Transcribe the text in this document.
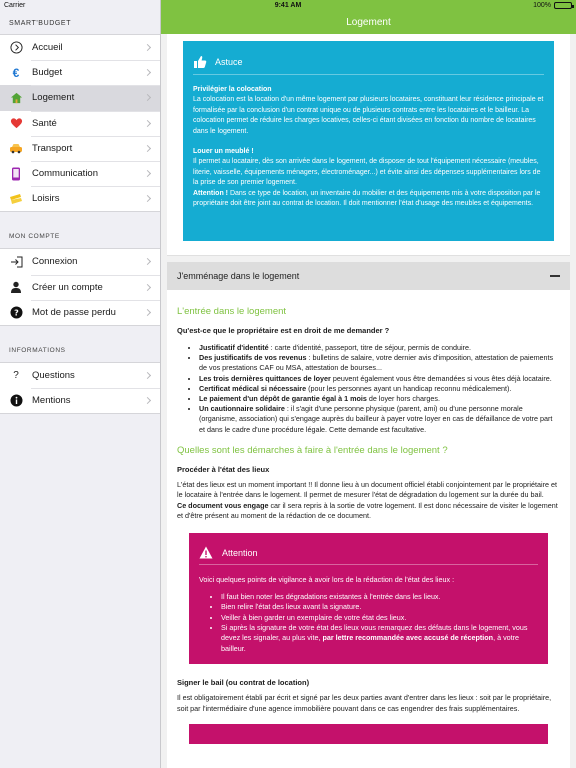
Carrier	9:41 AM	100%
SMART'BUDGET
Accueil
€	Budget
Logement
Santé
Transport
Communication
Loisirs
MON COMPTE
Connexion
Créer un compte
? Mot de passe perdu
INFORMATIONS
?	Questions
Mentions
Logement
Astuce

Privilégier la colocation

La colocation est la location d'un même logement par plusieurs locataires, constituant leur résidence principale et formalisée par la conclusion d'un contrat unique ou de plusieurs contrats entre les locataires et le bailleur. La colocation permet de réduire les charges locatives, celles-ci étant divisées en fonction du nombre de locataires dans le logement.

Louer un meublé !

Il permet au locataire, dès son arrivée dans le logement, de disposer de tout l'équipement nécessaire (meubles, literie, vaisselle, équipements ménagers, électroménager...) et évite ainsi des dépenses supplémentaires lors de la prise de son premier logement.

Attention ! Dans ce type de location, un inventaire du mobilier et des équipements mis à votre disposition par le propriétaire doit être joint au contrat de location. Il doit mentionner l'état d'usage des meubles et équipements.

J'emménage dans le logement
L'entrée dans le logement
Qu'est-ce que le propriétaire est en droit de me demander ?
• Justificatif d'identité : carte d'identité, passeport, titre de séjour, permis de conduire.
• Des justificatifs de vos revenus : bulletins de salaire, votre dernier avis d'imposition, attestation de paiements de vos prestations CAF ou MSA, attestation de bourses...
• Les trois dernières quittances de loyer peuvent également vous être demandées si vous êtes déjà locataire.
• Certificat médical si nécessaire (pour les personnes ayant un handicap reconnu médicalement).
• Le paiement d'un dépôt de garantie égal à 1 mois de loyer hors charges.
• Un cautionnaire solidaire : il s'agit d'une personne physique (parent, ami) ou d'une personne morale (organisme, association) qui s'engage auprès du bailleur à payer votre loyer en cas de défaillance de votre part et dans le cadre d'une procédure légale. Cette demande est facultative.
Quelles sont les démarches à faire à l'entrée dans le logement ?
Procéder à l'état des lieux

L'état des lieux est un moment important !! Il donne lieu à un document officiel établi conjointement par le propriétaire et le locataire à l'entrée dans le logement. Il permet de mesurer l'état de dégradation du logement sur la durée du bail.

Ce document vous engage car il sera repris à la sortie de votre logement. Il est donc nécessaire de visiter le logement et d'être présent au moment de la rédaction de ce document.

Attention

Voici quelques points de vigilance à avoir lors de la rédaction de l'état des lieux :

• Il faut bien noter les dégradations existantes à l'entrée dans les lieux.
• Bien relire l'état des lieux avant la signature.
• Veiller à bien garder un exemplaire de votre état des lieux.
• Si après la signature de votre état des lieux vous remarquez des défauts dans le logement, vous devez les signaler, au plus vite, par lettre recommandée avec accusé de réception, à votre bailleur.
Signer le bail (ou contrat de location)

Il est obligatoirement établi par écrit et signé par les deux parties avant d'entrer dans les lieux : soit par le propriétaire, soit par l'intermédiaire d'une agence immobilière pouvant dans ce cas engendrer des frais supplémentaires.
